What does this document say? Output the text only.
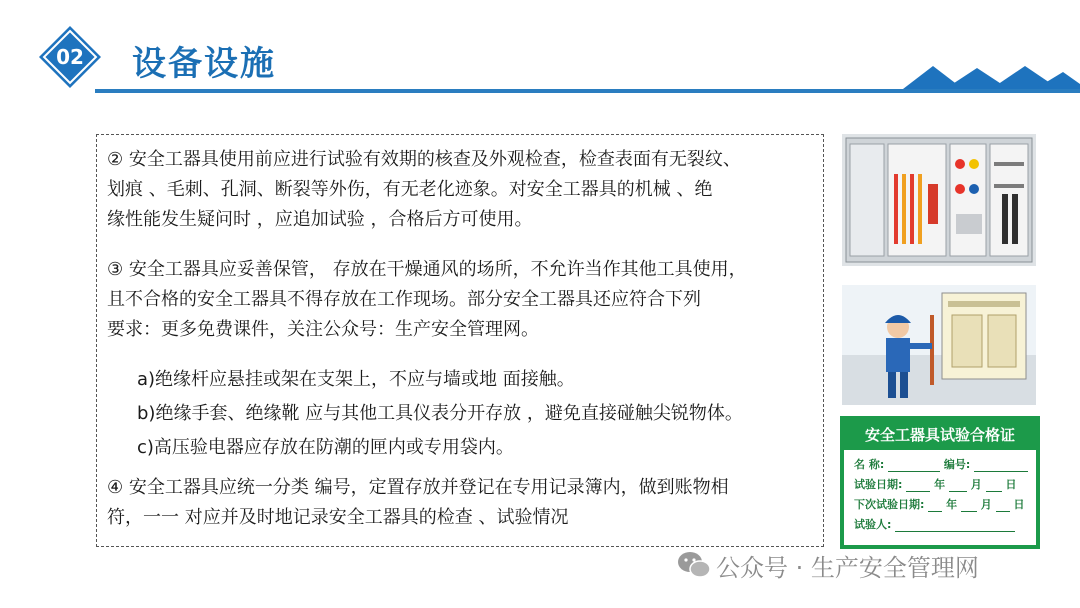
02 设备设施
② 安全工器具使用前应进行试验有效期的核查及外观检查，检查表面有无裂纹、
划痕 、毛刺、孔洞、断裂等外伤，有无老化迹象。对安全工器具的机械 、绝
缘性能发生疑问时 ，应追加试验 ，合格后方可使用。
③ 安全工器具应妥善保管， 存放在干燥通风的场所，不允许当作其他工具使用，
且不合格的安全工器具不得存放在工作现场。部分安全工器具还应符合下列
要求：更多免费课件，关注公众号：生产安全管理网。
a)绝缘杆应悬挂或架在支架上，不应与墙或地 面接触。
b)绝缘手套、绝缘靴 应与其他工具仪表分开存放 ，避免直接碰触尖锐物体。
c)高压验电器应存放在防潮的匣内或专用袋内。
④ 安全工器具应统一分类 编号，定置存放并登记在专用记录簿内，做到账物相
符，一一 对应并及时地记录安全工器具的检查 、试验情况
安全工器具试验合格证
名 称:	编号:
试验日期:	年 月 日
下次试验日期: 年 月 日
试验人:
公众号 · 生产安全管理网
